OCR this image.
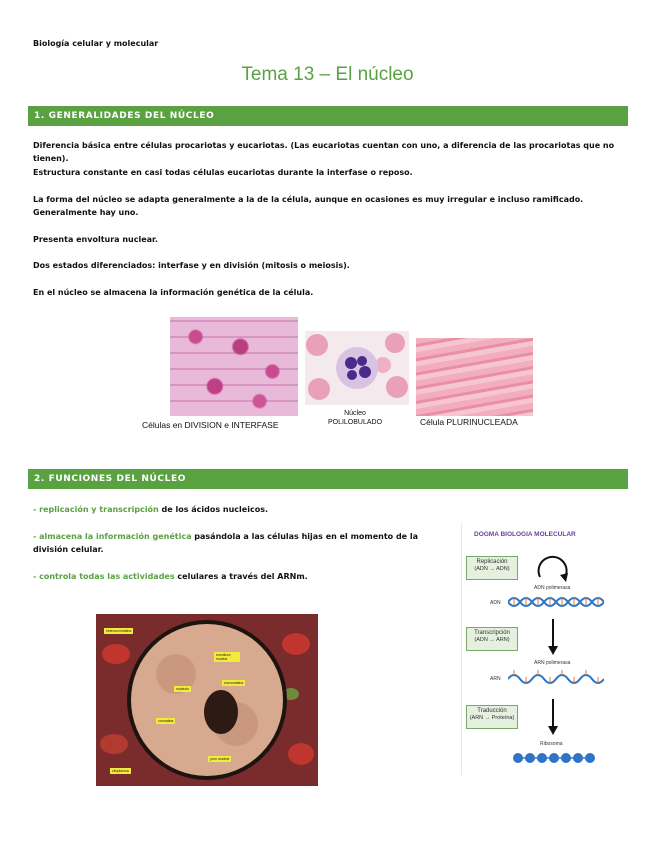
Biología celular y molecular
Tema 13 – El núcleo
1. GENERALIDADES DEL NÚCLEO
Diferencia básica entre células procariotas y eucariotas. (Las eucariotas cuentan con uno, a diferencia de las procariotas que no tienen).
Estructura constante en casi todas células eucariotas durante la interfase o reposo.
La forma del núcleo se adapta generalmente a la de la célula, aunque en ocasiones es muy irregular e incluso ramificado. Generalmente hay uno.
Presenta envoltura nuclear.
Dos estados diferenciados: interfase y en división (mitosis o meiosis).
En el núcleo se almacena la información genética de la célula.
Células en DIVISION e INTERFASE
Núcleo
POLILOBULADO	Célula PLURINUCLEADA
2. FUNCIONES DEL NÚCLEO
- replicación y transcripción de los ácidos nucleicos.
- almacena la información genética pasándola a las células hijas en el momento de la división celular.
- controla todas las actividades celulares a través del ARNm.
heterocromatina
envoltura nuclear
nucleolo
cromatina
eucromatina
poro nuclear
citoplasma
DOGMA BIOLOGIA MOLECULAR
Replicación
(ADN → ADN)
ADN polimerasa
ADN
Transcripción
(ADN → ARN)
ARN polimerasa
ARN
Traducción
(ARN → Proteína)
Ribosoma
